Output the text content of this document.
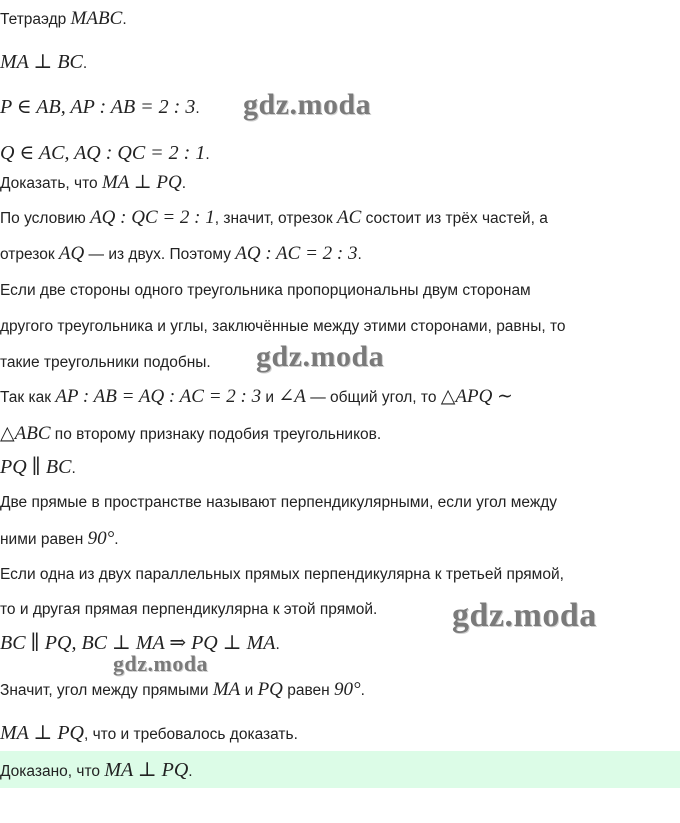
Тетраэдр MABC.
MA ⊥ BC.
P ∈ AB, AP : AB = 2 : 3.
Q ∈ AC, AQ : QC = 2 : 1.
Доказать, что MA ⊥ PQ.
По условию AQ : QC = 2 : 1, значит, отрезок AC состоит из трёх частей, а
отрезок AQ — из двух. Поэтому AQ : AC = 2 : 3.
Если две стороны одного треугольника пропорциональны двум сторонам
другого треугольника и углы, заключённые между этими сторонами, равны, то
такие треугольники подобны.
Так как AP : AB = AQ : AC = 2 : 3 и ∠A — общий угол, то △APQ ∼
△ABC по второму признаку подобия треугольников.
PQ ∥ BC.
Две прямые в пространстве называют перпендикулярными, если угол между
ними равен 90°.
Если одна из двух параллельных прямых перпендикулярна к третьей прямой,
то и другая прямая перпендикулярна к этой прямой.
BC ∥ PQ, BC ⊥ MA ⇒ PQ ⊥ MA.
Значит, угол между прямыми MA и PQ равен 90°.
MA ⊥ PQ, что и требовалось доказать.
Доказано, что MA ⊥ PQ.
gdz.moda
gdz.moda
gdz.moda
gdz.moda
